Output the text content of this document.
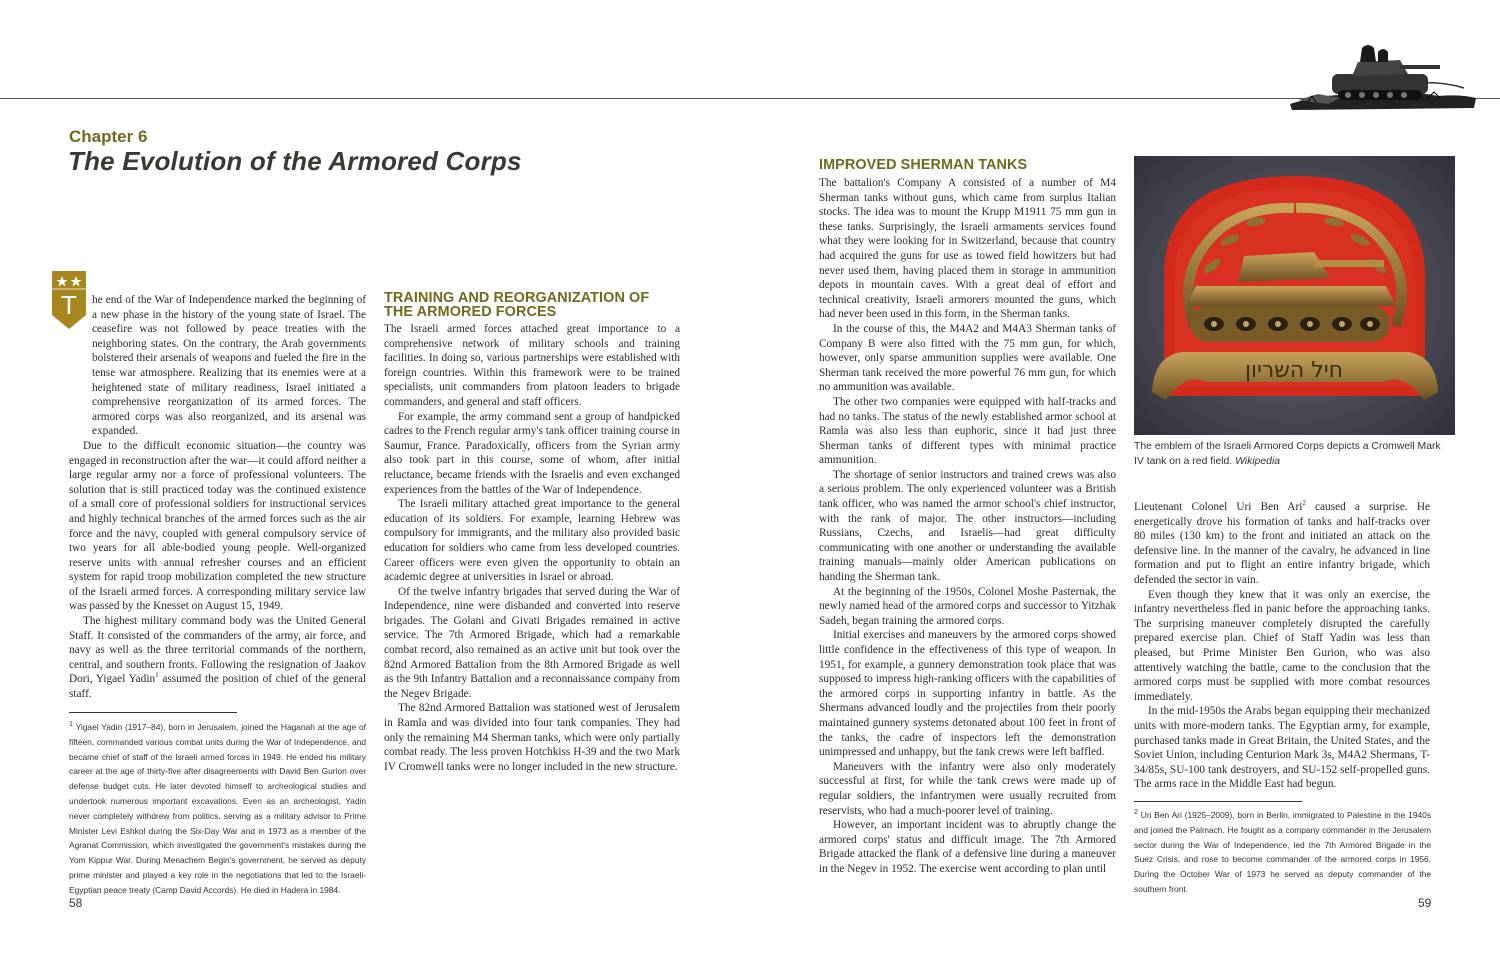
Chapter 6
The Evolution of the Armored Corps
T he end of the War of Independence marked the beginning of a new phase in the history of the young state of Israel. The ceasefire was not followed by peace treaties with the neighboring states. On the contrary, the Arab governments bolstered their arsenals of weapons and fueled the fire in the tense war atmosphere. Realizing that its enemies were at a heightened state of military readiness, Israel initiated a comprehensive reorganization of its armed forces. The armored corps was also reorganized, and its arsenal was expanded.

Due to the difficult economic situation—the country was engaged in reconstruction after the war—it could afford neither a large regular army nor a force of professional volunteers. The solution that is still practiced today was the continued existence of a small core of professional soldiers for instructional services and highly technical branches of the armed forces such as the air force and the navy, coupled with general compulsory service of two years for all able-bodied young people. Well-organized reserve units with annual refresher courses and an efficient system for rapid troop mobilization completed the new structure of the Israeli armed forces. A corresponding military service law was passed by the Knesset on August 15, 1949.

The highest military command body was the United General Staff. It consisted of the commanders of the army, air force, and navy as well as the three territorial commands of the northern, central, and southern fronts. Following the resignation of Jaakov Dori, Yigael Yadin$^1$ assumed the position of chief of the general staff.

$^1$ Yigael Yadin (1917–84), born in Jerusalem, joined the Haganah at the age of fifteen, commanded various combat units during the War of Independence, and became chief of staff of the Israeli armed forces in 1949. He ended his military career at the age of thirty-five after disagreements with David Ben Gurion over defense budget cuts. He later devoted himself to archeological studies and undertook numerous important excavations. Even as an archeologist, Yadin never completely withdrew from politics, serving as a military advisor to Prime Minister Levi Eshkol during the Six-Day War and in 1973 as a member of the Agranat Commission, which investigated the government's mistakes during the Yom Kippur War. During Menachem Begin's government, he served as deputy prime minister and played a key role in the negotiations that led to the Israeli-Egyptian peace treaty (Camp David Accords). He died in Hadera in 1984.
58
TRAINING AND REORGANIZATION OF THE ARMORED FORCES

The Israeli armed forces attached great importance to a comprehensive network of military schools and training facilities. In doing so, various partnerships were established with foreign countries. Within this framework were to be trained specialists, unit commanders from platoon leaders to brigade commanders, and general and staff officers.

For example, the army command sent a group of handpicked cadres to the French regular army's tank officer training course in Saumur, France. Paradoxically, officers from the Syrian army also took part in this course, some of whom, after initial reluctance, became friends with the Israelis and even exchanged experiences from the battles of the War of Independence.

The Israeli military attached great importance to the general education of its soldiers. For example, learning Hebrew was compulsory for immigrants, and the military also provided basic education for soldiers who came from less developed countries. Career officers were even given the opportunity to obtain an academic degree at universities in Israel or abroad.

Of the twelve infantry brigades that served during the War of Independence, nine were disbanded and converted into reserve brigades. The Golani and Givati Brigades remained in active service. The 7th Armored Brigade, which had a remarkable combat record, also remained as an active unit but took over the 82nd Armored Battalion from the 8th Armored Brigade as well as the 9th Infantry Battalion and a reconnaissance company from the Negev Brigade.

The 82nd Armored Battalion was stationed west of Jerusalem in Ramla and was divided into four tank companies. They had only the remaining M4 Sherman tanks, which were only partially combat ready. The less proven Hotchkiss H-39 and the two Mark IV Cromwell tanks were no longer included in the new structure.

IMPROVED SHERMAN TANKS

The battalion's Company A consisted of a number of M4 Sherman tanks without guns, which came from surplus Italian stocks. The idea was to mount the Krupp M1911 75 mm gun in these tanks. Surprisingly, the Israeli armaments services found what they were looking for in Switzerland, because that country had acquired the guns for use as towed field howitzers but had never used them, having placed them in storage in ammunition depots in mountain caves. With a great deal of effort and technical creativity, Israeli armorers mounted the guns, which had never been used in this form, in the Sherman tanks.

In the course of this, the M4A2 and M4A3 Sherman tanks of Company B were also fitted with the 75 mm gun, for which, however, only sparse ammunition supplies were available. One Sherman tank received the more powerful 76 mm gun, for which no ammunition was available.

The other two companies were equipped with half-tracks and had no tanks. The status of the newly established armor school at Ramla was also less than euphoric, since it had just three Sherman tanks of different types with minimal practice ammunition.

The shortage of senior instructors and trained crews was also a serious problem. The only experienced volunteer was a British tank officer, who was named the armor school's chief instructor, with the rank of major. The other instructors—including Russians, Czechs, and Israelis—had great difficulty communicating with one another or understanding the available training manuals—mainly older American publications on handing the Sherman tank.

At the beginning of the 1950s, Colonel Moshe Pasternak, the newly named head of the armored corps and successor to Yitzhak Sadeh, began training the armored corps.

Initial exercises and maneuvers by the armored corps showed little confidence in the effectiveness of this type of weapon. In 1951, for example, a gunnery demonstration took place that was supposed to impress high-ranking officers with the capabilities of the armored corps in supporting infantry in battle. As the Shermans advanced loudly and the projectiles from their poorly maintained gunnery systems detonated about 100 feet in front of the tanks, the cadre of inspectors left the demonstration unimpressed and unhappy, but the tank crews were left baffled.

Maneuvers with the infantry were also only moderately successful at first, for while the tank crews were made up of regular soldiers, the infantrymen were usually recruited from reservists, who had a much-poorer level of training.

However, an important incident was to abruptly change the armored corps' status and difficult image. The 7th Armored Brigade attacked the flank of a defensive line during a maneuver in the Negev in 1952. The exercise went according to plan until

חיל השריון
The emblem of the Israeli Armored Corps depicts a Cromwell Mark IV tank on a red field. Wikipedia

Lieutenant Colonel Uri Ben Ari$^2$ caused a surprise. He energetically drove his formation of tanks and half-tracks over 80 miles (130 km) to the front and initiated an attack on the defensive line. In the manner of the cavalry, he advanced in line formation and put to flight an entire infantry brigade, which defended the sector in vain.

Even though they knew that it was only an exercise, the infantry nevertheless fled in panic before the approaching tanks. The surprising maneuver completely disrupted the carefully prepared exercise plan. Chief of Staff Yadin was less than pleased, but Prime Minister Ben Gurion, who was also attentively watching the battle, came to the conclusion that the armored corps must be supplied with more combat resources immediately.

In the mid-1950s the Arabs began equipping their mechanized units with more-modern tanks. The Egyptian army, for example, purchased tanks made in Great Britain, the United States, and the Soviet Union, including Centurion Mark 3s, M4A2 Shermans, T-34/85s, SU-100 tank destroyers, and SU-152 self-propelled guns. The arms race in the Middle East had begun.

$^2$ Uri Ben Ari (1925–2009), born in Berlin, immigrated to Palestine in the 1940s and joined the Palmach. He fought as a company commander in the Jerusalem sector during the War of Independence, led the 7th Armored Brigade in the Suez Crisis, and rose to become commander of the armored corps in 1956. During the October War of 1973 he served as deputy commander of the southern front.
59
